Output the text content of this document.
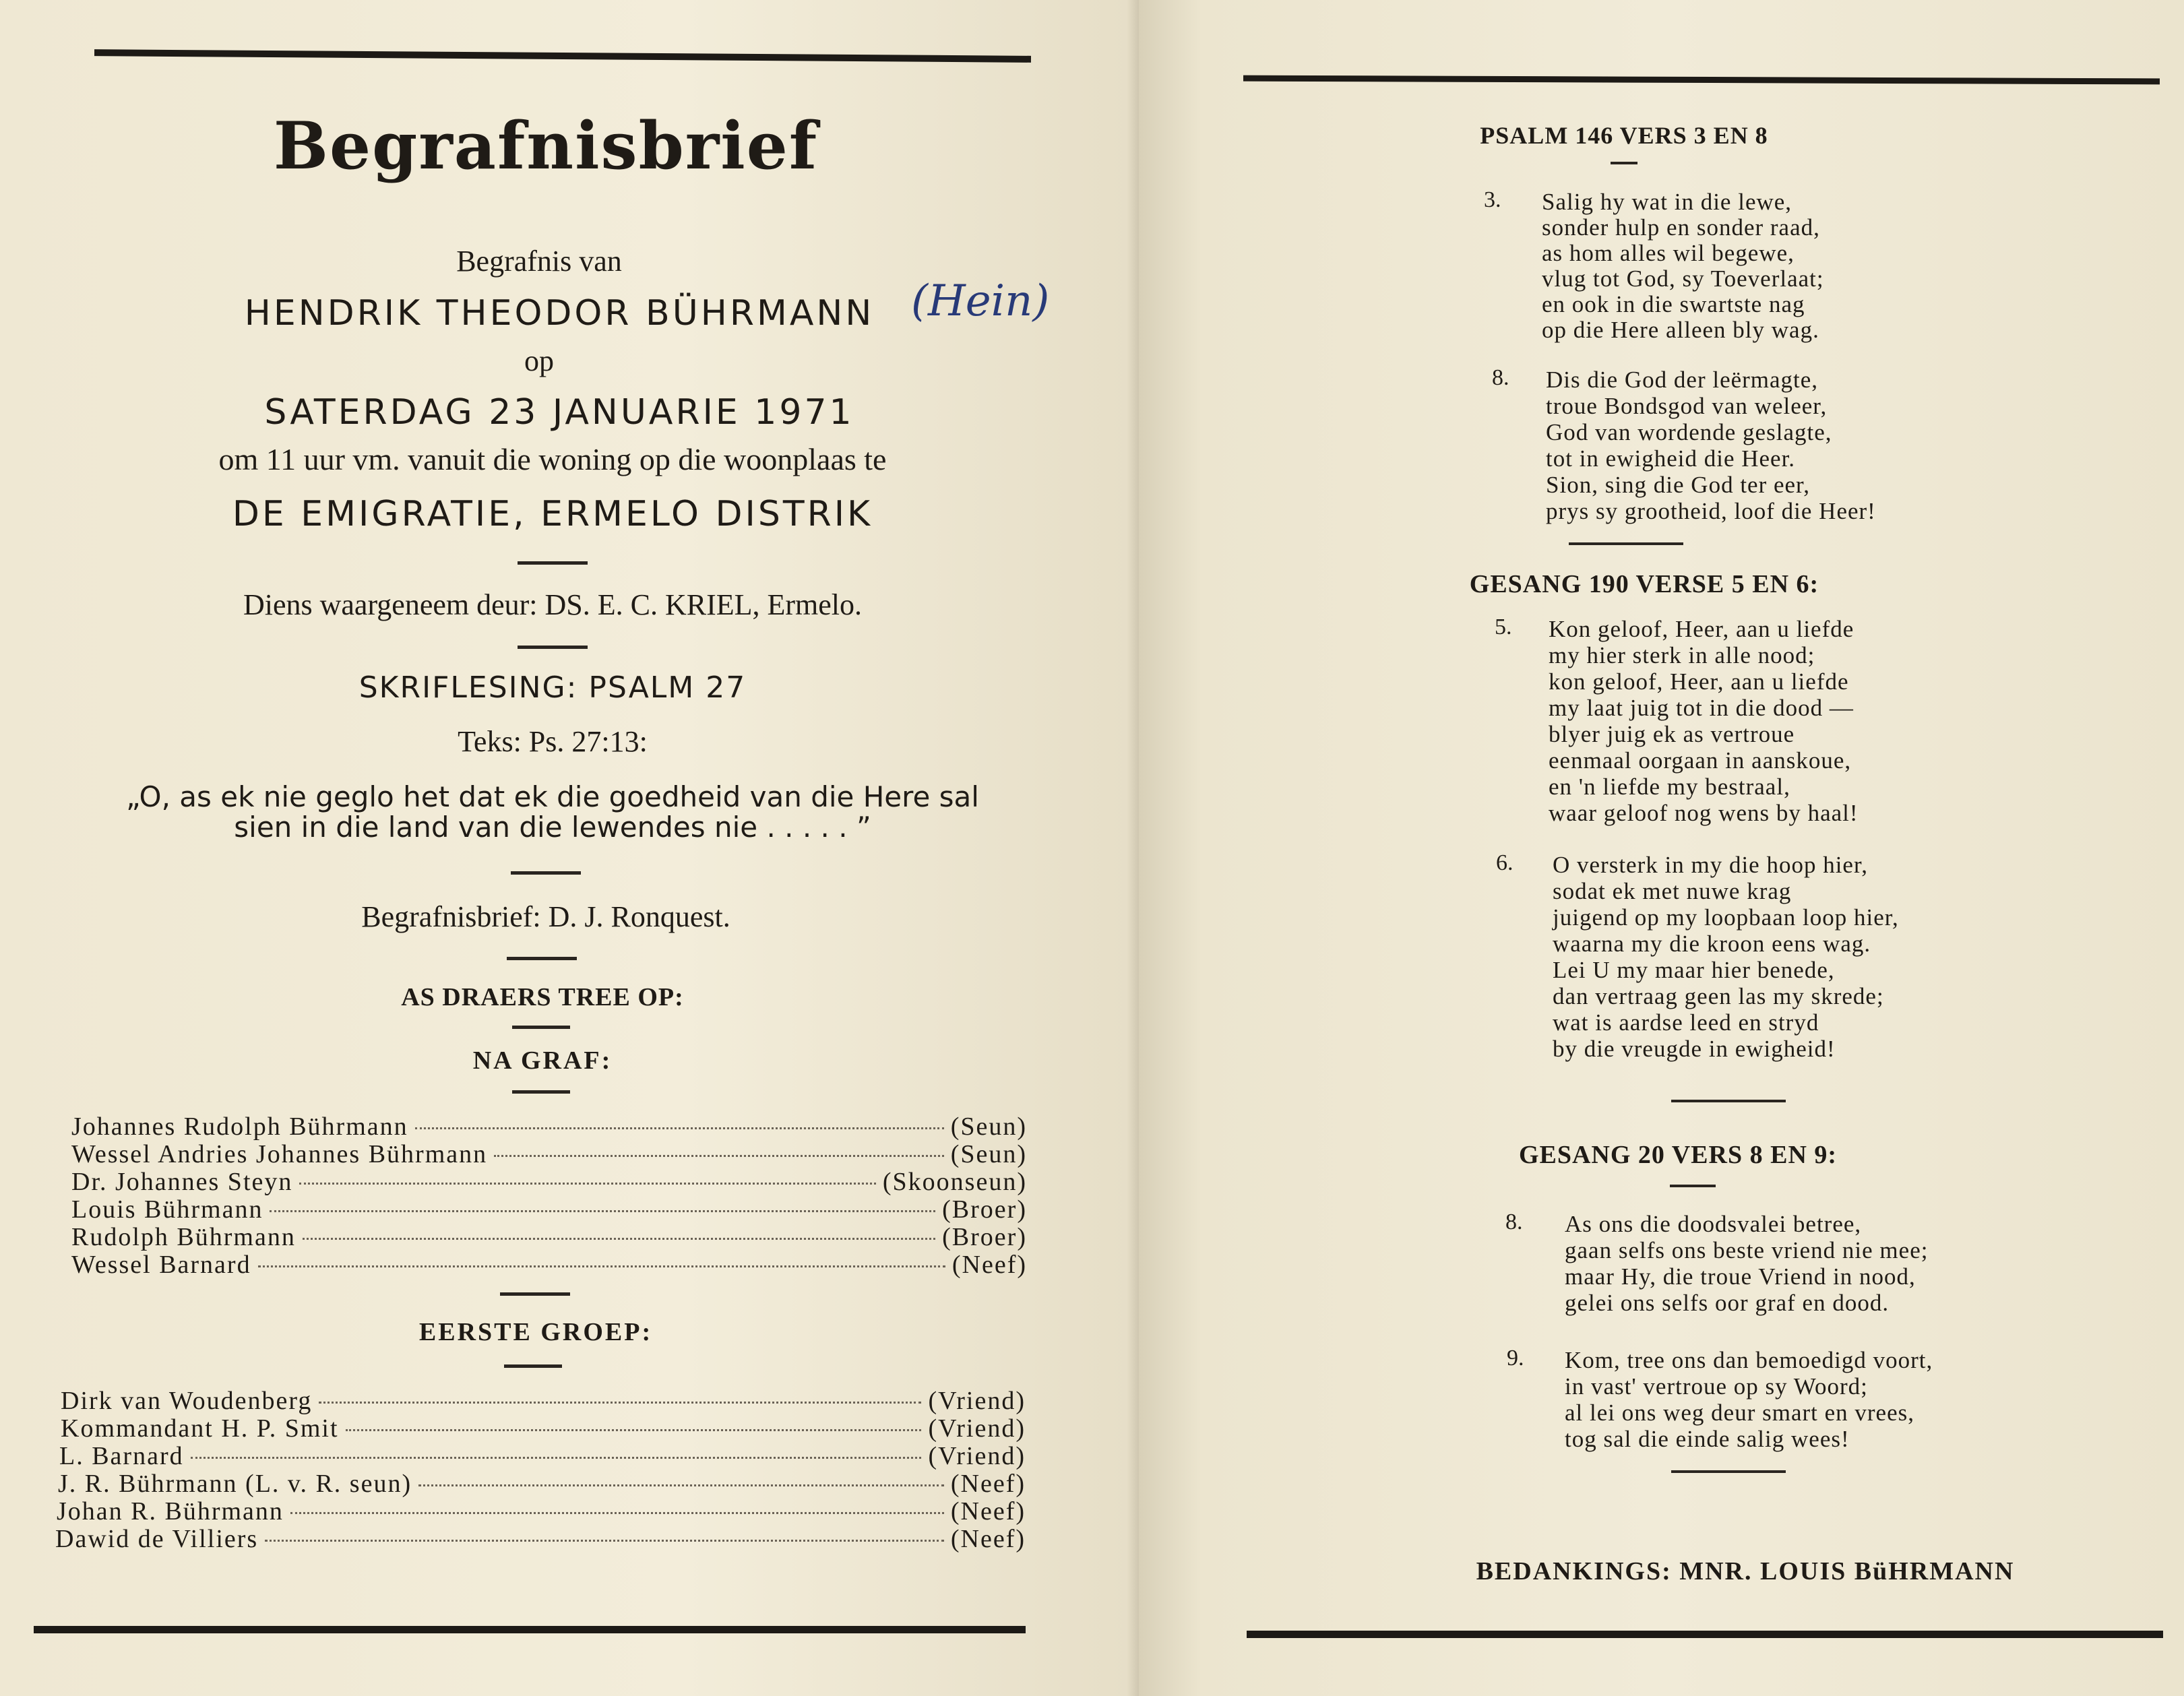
Begrafnisbrief
Begrafnis van
HENDRIK THEODOR BÜHRMANN (Hein)
op
SATERDAG 23 JANUARIE 1971
om 11 uur vm. vanuit die woning op die woonplaas te
DE EMIGRATIE, ERMELO DISTRIK
Diens waargeneem deur: DS. E. C. KRIEL, Ermelo.
SKRIFLESING: PSALM 27
Teks: Ps. 27:13:
„O, as ek nie geglo het dat ek die goedheid van die Here sal
sien in die land van die lewendes nie . . . . . ”
Begrafnisbrief: D. J. Ronquest.
AS DRAERS TREE OP:
NA GRAF:
Johannes Rudolph Bührmann	(Seun)
Wessel Andries Johannes Bührmann	(Seun)
Dr. Johannes Steyn	(Skoonseun)
Louis Bührmann	(Broer)
Rudolph Bührmann	(Broer)
Wessel Barnard	(Neef)
EERSTE GROEP:
Dirk van Woudenberg	(Vriend)
Kommandant H. P. Smit	(Vriend)
L. Barnard	(Vriend)
J. R. Bührmann (L. v. R. seun)	(Neef)
Johan R. Bührmann	(Neef)
Dawid de Villiers	(Neef)
PSALM 146 VERS 3 EN 8
3. Salig hy wat in die lewe,
sonder hulp en sonder raad,
as hom alles wil begewe,
vlug tot God, sy Toeverlaat;
en ook in die swartste nag
op die Here alleen bly wag.
8. Dis die God der leërmagte,
troue Bondsgod van weleer,
God van wordende geslagte,
tot in ewigheid die Heer.
Sion, sing die God ter eer,
prys sy grootheid, loof die Heer!
GESANG 190 VERSE 5 EN 6:
5. Kon geloof, Heer, aan u liefde
my hier sterk in alle nood;
kon geloof, Heer, aan u liefde
my laat juig tot in die dood —
blyer juig ek as vertroue
eenmaal oorgaan in aanskoue,
en 'n liefde my bestraal,
waar geloof nog wens by haal!
6. O versterk in my die hoop hier,
sodat ek met nuwe krag
juigend op my loopbaan loop hier,
waarna my die kroon eens wag.
Lei U my maar hier benede,
dan vertraag geen las my skrede;
wat is aardse leed en stryd
by die vreugde in ewigheid!
GESANG 20 VERS 8 EN 9:
8. As ons die doodsvalei betree,
gaan selfs ons beste vriend nie mee;
maar Hy, die troue Vriend in nood,
gelei ons selfs oor graf en dood.
9. Kom, tree ons dan bemoedigd voort,
in vast' vertroue op sy Woord;
al lei ons weg deur smart en vrees,
tog sal die einde salig wees!
BEDANKINGS: MNR. LOUIS BüHRMANN
